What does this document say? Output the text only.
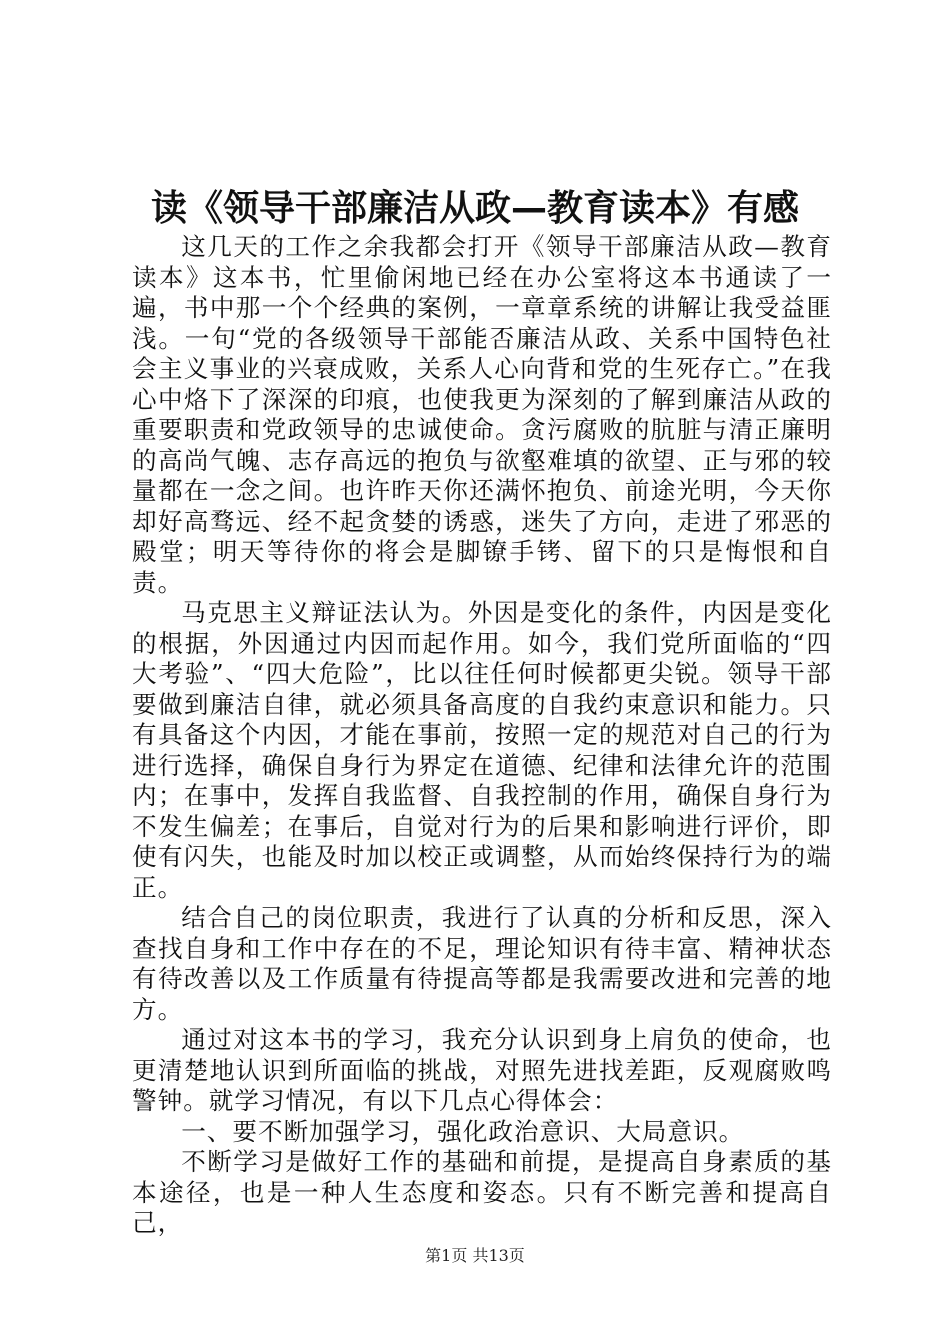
读《领导干部廉洁从政—教育读本》有感

这几天的工作之余我都会打开《领导干部廉洁从政—教育读本》这本书，忙里偷闲地已经在办公室将这本书通读了一遍，书中那一个个经典的案例，一章章系统的讲解让我受益匪浅。一句“党的各级领导干部能否廉洁从政、关系中国特色社会主义事业的兴衰成败，关系人心向背和党的生死存亡。”在我心中烙下了深深的印痕，也使我更为深刻的了解到廉洁从政的重要职责和党政领导的忠诚使命。贪污腐败的肮脏与清正廉明的高尚气魄、志存高远的抱负与欲壑难填的欲望、正与邪的较量都在一念之间。也许昨天你还满怀抱负、前途光明，今天你却好高骛远、经不起贪婪的诱惑，迷失了方向，走进了邪恶的殿堂；明天等待你的将会是脚镣手铐、留下的只是悔恨和自责。

马克思主义辩证法认为。外因是变化的条件，内因是变化的根据，外因通过内因而起作用。如今，我们党所面临的“四大考验”、“四大危险”，比以往任何时候都更尖锐。领导干部要做到廉洁自律，就必须具备高度的自我约束意识和能力。只有具备这个内因，才能在事前，按照一定的规范对自己的行为进行选择，确保自身行为界定在道德、纪律和法律允许的范围内；在事中，发挥自我监督、自我控制的作用，确保自身行为不发生偏差；在事后，自觉对行为的后果和影响进行评价，即使有闪失，也能及时加以校正或调整，从而始终保持行为的端正。

结合自己的岗位职责，我进行了认真的分析和反思，深入查找自身和工作中存在的不足，理论知识有待丰富、精神状态有待改善以及工作质量有待提高等都是我需要改进和完善的地方。

通过对这本书的学习，我充分认识到身上肩负的使命，也更清楚地认识到所面临的挑战，对照先进找差距，反观腐败鸣警钟。就学习情况，有以下几点心得体会：

一、要不断加强学习，强化政治意识、大局意识。

不断学习是做好工作的基础和前提，是提高自身素质的基本途径，也是一种人生态度和姿态。只有不断完善和提高自己，

第1页 共13页
